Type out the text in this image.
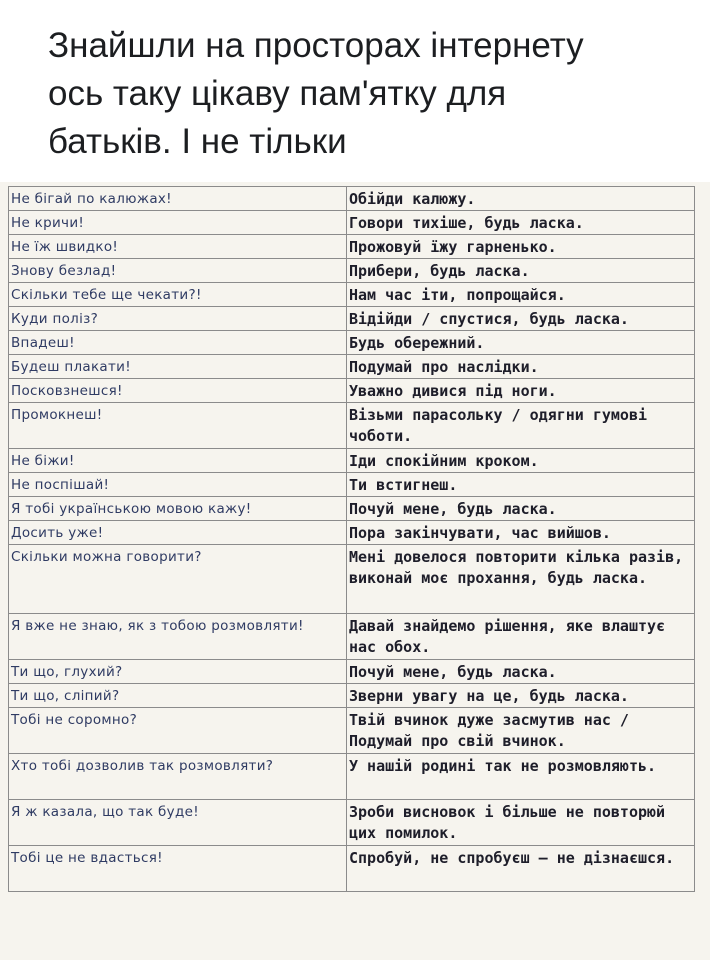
Знайшли на просторах інтернету
ось таку цікаву пам'ятку для
батьків. І не тільки
Не бігай по калюжах!	Обійди калюжу.

Не кричи!	Говори тихіше, будь ласка.

Не їж швидко!	Прожовуй їжу гарненько.

Знову безлад!	Прибери, будь ласка.

Скільки тебе ще чекати?!	Нам час іти, попрощайся.

Куди поліз?	Відійди / спустися, будь ласка.

Впадеш!	Будь обережний.

Будеш плакати!	Подумай про наслідки.

Посковзнешся!	Уважно дивися під ноги.

Промокнеш!	Візьми парасольку / одягни гумові чоботи.

Не біжи!	Іди спокійним кроком.

Не поспішай!	Ти встигнеш.

Я тобі українською мовою кажу!	Почуй мене, будь ласка.

Досить уже!	Пора закінчувати, час вийшов.

Скільки можна говорити?	Мені довелося повторити кілька разів, виконай моє прохання, будь ласка.

Я вже не знаю, як з тобою розмовляти!	Давай знайдемо рішення, яке влаштує нас обох.

Ти що, глухий?	Почуй мене, будь ласка.

Ти що, сліпий?	Зверни увагу на це, будь ласка.

Тобі не соромно?	Твій вчинок дуже засмутив нас / Подумай про свій вчинок.

Хто тобі дозволив так розмовляти?	У нашій родині так не розмовляють.

Я ж казала, що так буде!	Зроби висновок і більше не повторюй цих помилок.

Тобі це не вдасться!	Спробуй, не спробуєш — не дізнаєшся.
